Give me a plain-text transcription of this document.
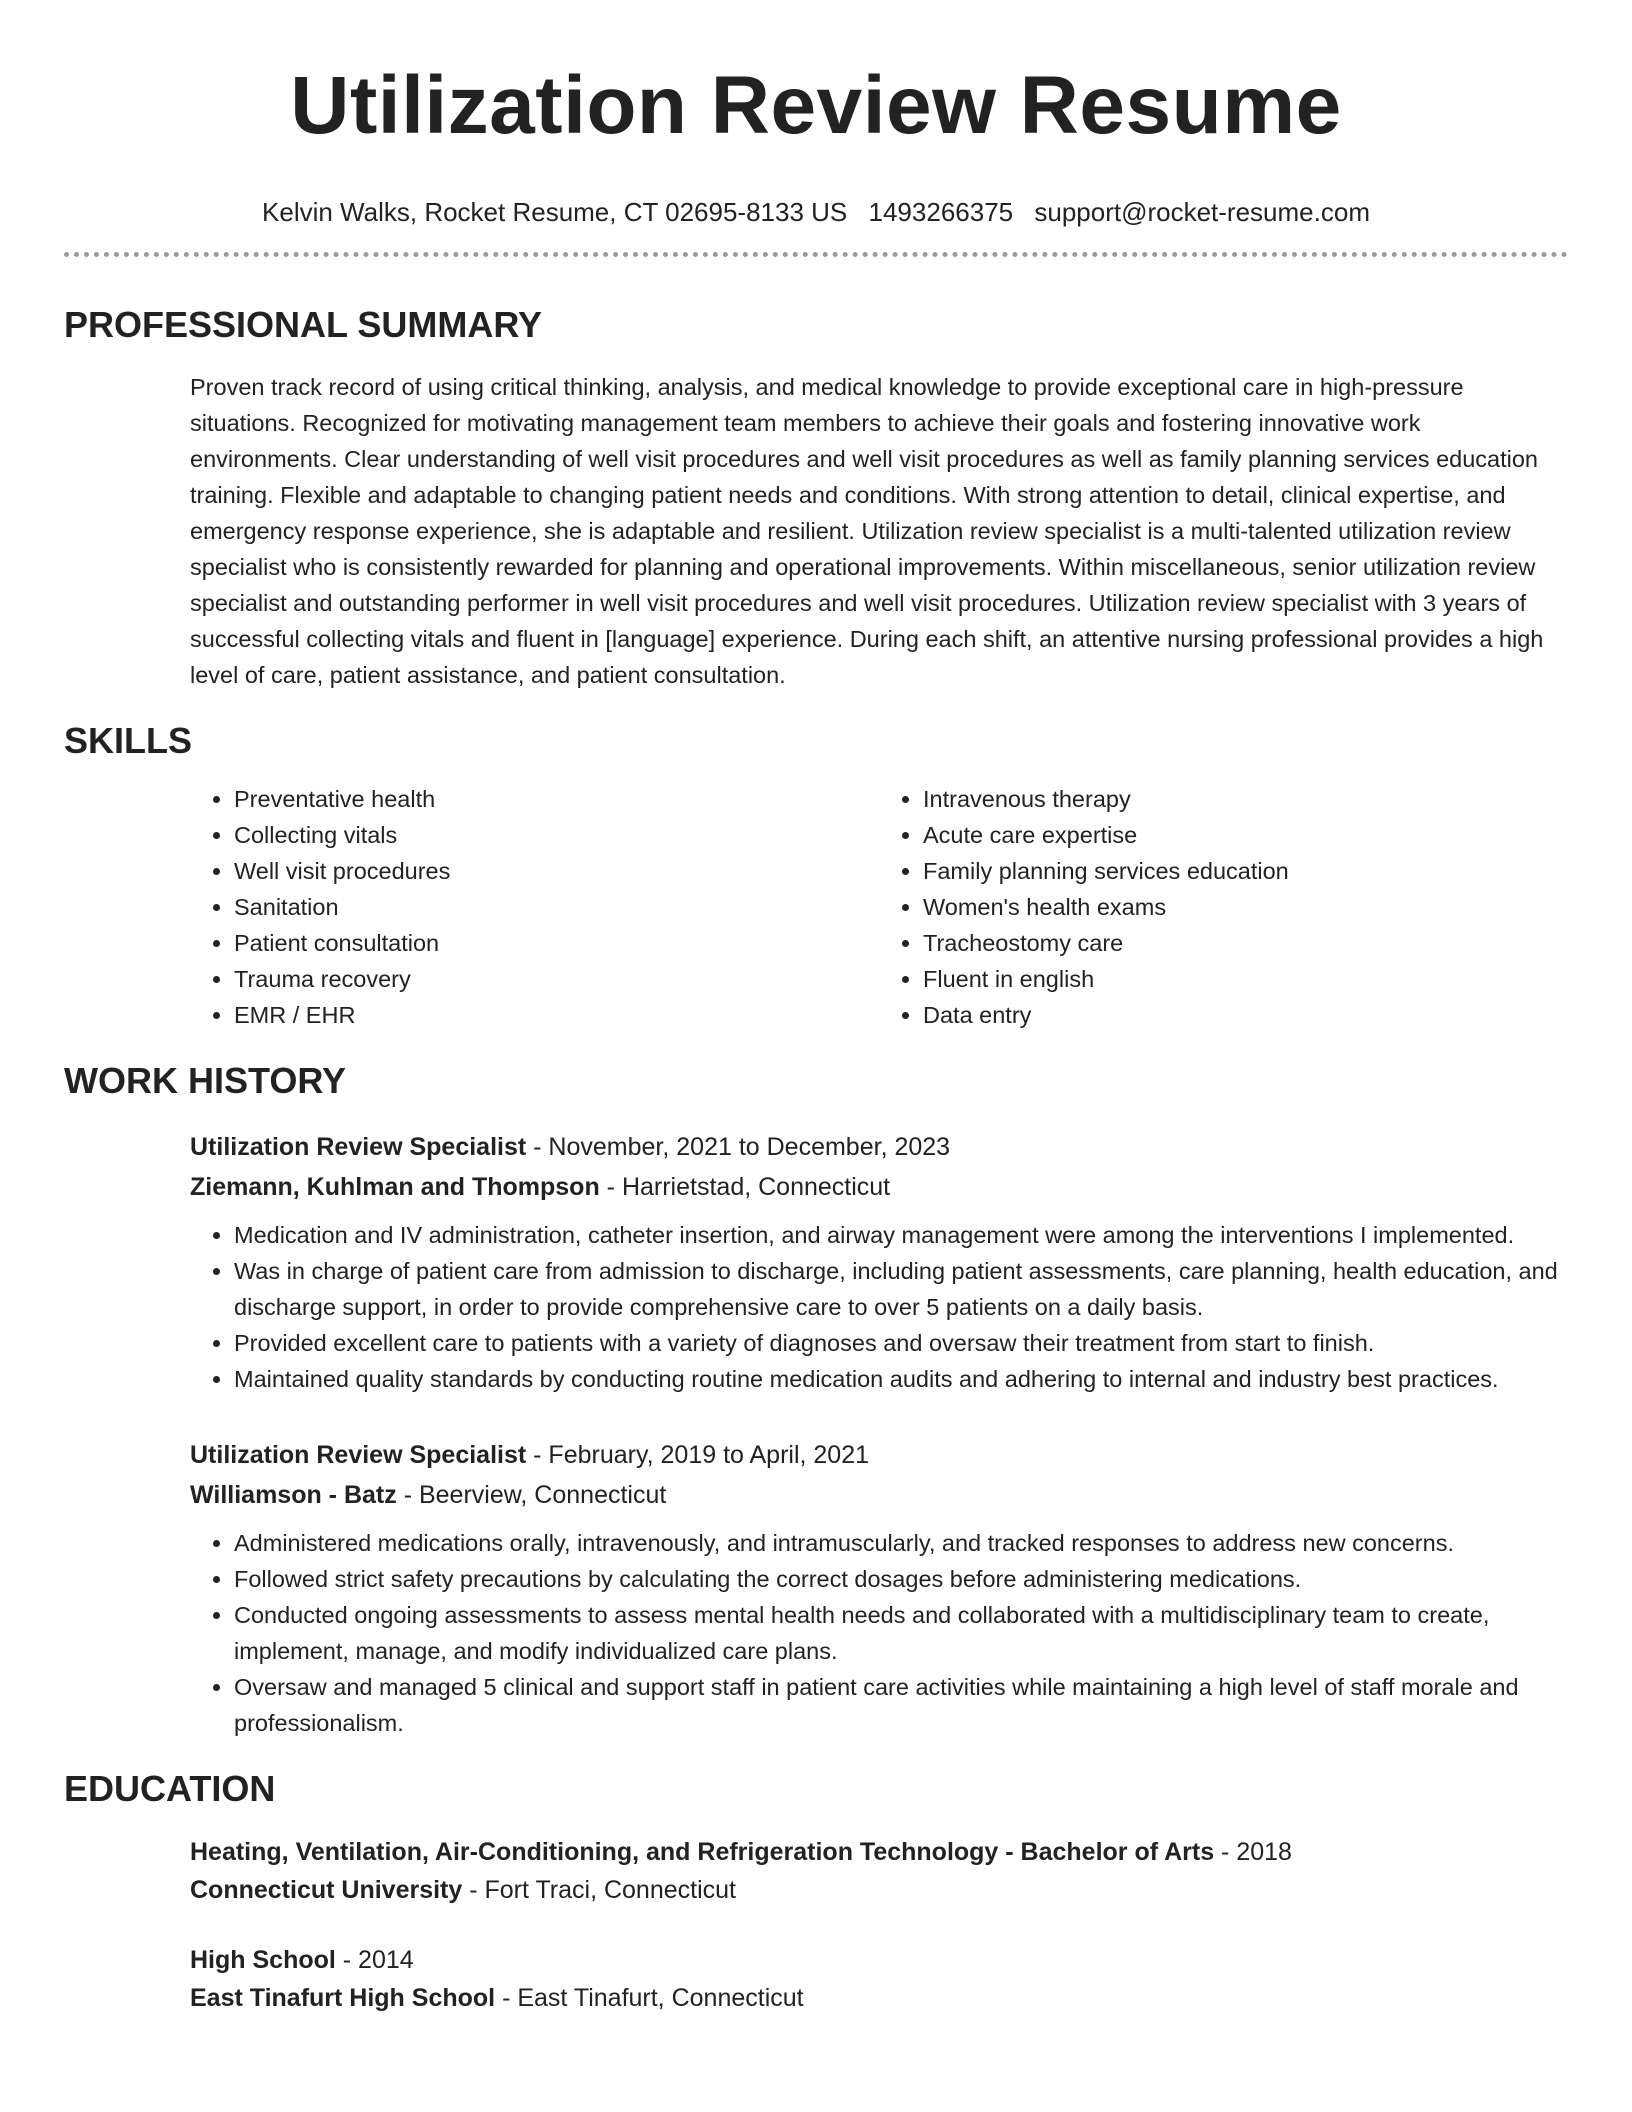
Utilization Review Resume
Kelvin Walks, Rocket Resume, CT 02695-8133 US 1493266375 support@rocket-resume.com
PROFESSIONAL SUMMARY

Proven track record of using critical thinking, analysis, and medical knowledge to provide exceptional care in high-pressure situations. Recognized for motivating management team members to achieve their goals and fostering innovative work environments. Clear understanding of well visit procedures and well visit procedures as well as family planning services education training. Flexible and adaptable to changing patient needs and conditions. With strong attention to detail, clinical expertise, and emergency response experience, she is adaptable and resilient. Utilization review specialist is a multi-talented utilization review specialist who is consistently rewarded for planning and operational improvements. Within miscellaneous, senior utilization review specialist and outstanding performer in well visit procedures and well visit procedures. Utilization review specialist with 3 years of successful collecting vitals and fluent in [language] experience. During each shift, an attentive nursing professional provides a high level of care, patient assistance, and patient consultation.

SKILLS
• Preventative health
• Collecting vitals
• Well visit procedures
• Sanitation
• Patient consultation
• Trauma recovery
• EMR / EHR
• Intravenous therapy
• Acute care expertise
• Family planning services education
• Women's health exams
• Tracheostomy care
• Fluent in english
• Data entry
WORK HISTORY
Utilization Review Specialist - November, 2021 to December, 2023
Ziemann, Kuhlman and Thompson - Harrietstad, Connecticut
• Medication and IV administration, catheter insertion, and airway management were among the interventions I implemented.
• Was in charge of patient care from admission to discharge, including patient assessments, care planning, health education, and discharge support, in order to provide comprehensive care to over 5 patients on a daily basis.
• Provided excellent care to patients with a variety of diagnoses and oversaw their treatment from start to finish.
• Maintained quality standards by conducting routine medication audits and adhering to internal and industry best practices.
Utilization Review Specialist - February, 2019 to April, 2021
Williamson - Batz - Beerview, Connecticut
• Administered medications orally, intravenously, and intramuscularly, and tracked responses to address new concerns.
• Followed strict safety precautions by calculating the correct dosages before administering medications.
• Conducted ongoing assessments to assess mental health needs and collaborated with a multidisciplinary team to create, implement, manage, and modify individualized care plans.
• Oversaw and managed 5 clinical and support staff in patient care activities while maintaining a high level of staff morale and professionalism.
EDUCATION
Heating, Ventilation, Air-Conditioning, and Refrigeration Technology - Bachelor of Arts - 2018
Connecticut University - Fort Traci, Connecticut
High School - 2014
East Tinafurt High School - East Tinafurt, Connecticut
